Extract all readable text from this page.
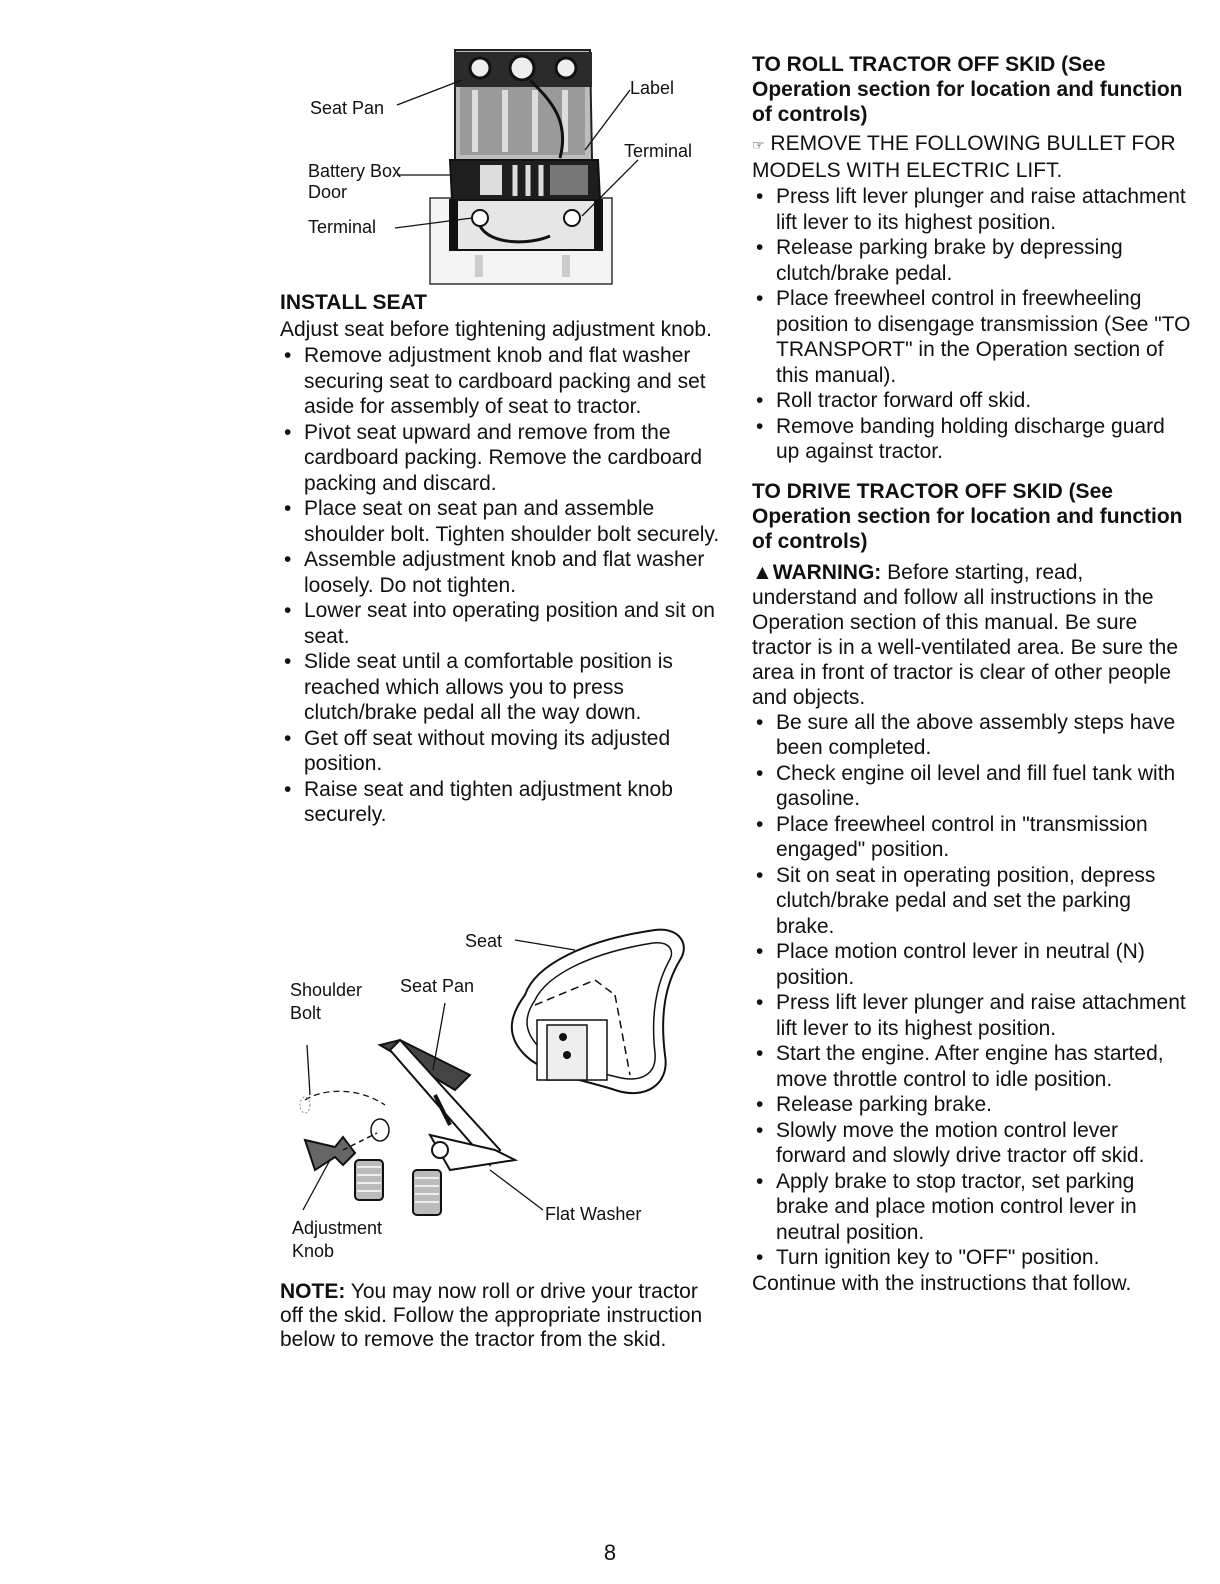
Seat Pan
Battery Box
Door
Terminal
Label
Terminal
INSTALL SEAT
Adjust seat before tightening adjustment knob.
• Remove adjustment knob and flat washer securing seat to cardboard packing and set aside for assembly of seat to tractor.
• Pivot seat upward and remove from the cardboard packing. Remove the cardboard packing and discard.
• Place seat on seat pan and assemble shoulder bolt. Tighten shoulder bolt securely.
• Assemble adjustment knob and flat washer loosely. Do not tighten.
• Lower seat into operating position and sit on seat.
• Slide seat until a comfortable position is reached which allows you to press clutch/brake pedal all the way down.
• Get off seat without moving its adjusted position.
• Raise seat and tighten adjustment knob securely.
Seat
Shoulder
Bolt
Seat Pan
Flat Washer
Adjustment
Knob
NOTE: You may now roll or drive your tractor off the skid. Follow the appropriate instruction below to remove the tractor from the skid.
TO ROLL TRACTOR OFF SKID (See Operation section for location and function of controls)
☞ REMOVE THE FOLLOWING BULLET FOR MODELS WITH ELECTRIC LIFT.
• Press lift lever plunger and raise attachment lift lever to its highest position.
• Release parking brake by depressing clutch/brake pedal.
• Place freewheel control in freewheeling position to disengage transmission (See "TO TRANSPORT" in the Operation section of this manual).
• Roll tractor forward off skid.
• Remove banding holding discharge guard up against tractor.
TO DRIVE TRACTOR OFF SKID (See Operation section for location and function of controls)
▲WARNING: Before starting, read, understand and follow all instructions in the Operation section of this manual. Be sure tractor is in a well-ventilated area. Be sure the area in front of tractor is clear of other people and objects.
• Be sure all the above assembly steps have been completed.
• Check engine oil level and fill fuel tank with gasoline.
• Place freewheel control in "transmission engaged" position.
• Sit on seat in operating position, depress clutch/brake pedal and set the parking brake.
• Place motion control lever in neutral (N) position.
• Press lift lever plunger and raise attachment lift lever to its highest position.
• Start the engine. After engine has started, move throttle control to idle position.
• Release parking brake.
• Slowly move the motion control lever forward and slowly drive tractor off skid.
• Apply brake to stop tractor, set parking brake and place motion control lever in neutral position.
• Turn ignition key to "OFF" position.
Continue with the instructions that follow.
8
